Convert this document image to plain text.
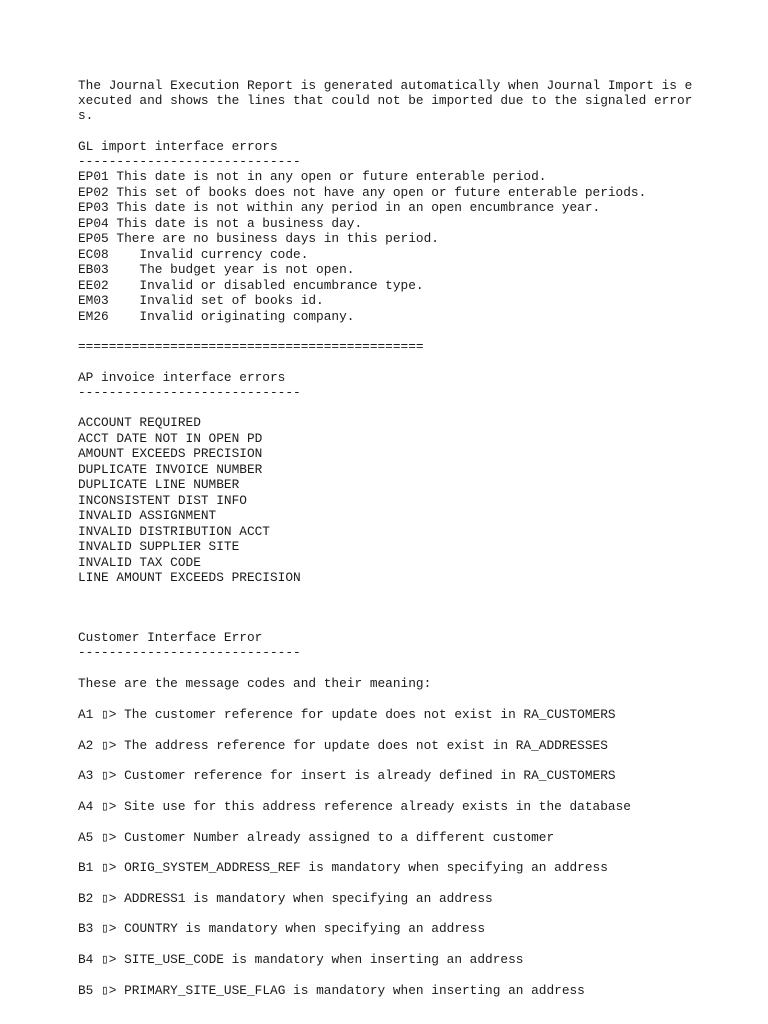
The Journal Execution Report is generated automatically when Journal Import is e
xecuted and shows the lines that could not be imported due to the signaled error
s.
GL import interface errors
-----------------------------
EP01 This date is not in any open or future enterable period.
EP02 This set of books does not have any open or future enterable periods.
EP03 This date is not within any period in an open encumbrance year.
EP04 This date is not a business day.
EP05 There are no business days in this period.
EC08    Invalid currency code.
EB03    The budget year is not open.
EE02    Invalid or disabled encumbrance type.
EM03    Invalid set of books id.
EM26    Invalid originating company.
=============================================
AP invoice interface errors
-----------------------------
ACCOUNT REQUIRED
ACCT DATE NOT IN OPEN PD
AMOUNT EXCEEDS PRECISION
DUPLICATE INVOICE NUMBER
DUPLICATE LINE NUMBER
INCONSISTENT DIST INFO
INVALID ASSIGNMENT
INVALID DISTRIBUTION ACCT
INVALID SUPPLIER SITE
INVALID TAX CODE
LINE AMOUNT EXCEEDS PRECISION
Customer Interface Error
-----------------------------
These are the message codes and their meaning:
A1 ▯> The customer reference for update does not exist in RA_CUSTOMERS
A2 ▯> The address reference for update does not exist in RA_ADDRESSES
A3 ▯> Customer reference for insert is already defined in RA_CUSTOMERS
A4 ▯> Site use for this address reference already exists in the database
A5 ▯> Customer Number already assigned to a different customer
B1 ▯> ORIG_SYSTEM_ADDRESS_REF is mandatory when specifying an address
B2 ▯> ADDRESS1 is mandatory when specifying an address
B3 ▯> COUNTRY is mandatory when specifying an address
B4 ▯> SITE_USE_CODE is mandatory when inserting an address
B5 ▯> PRIMARY_SITE_USE_FLAG is mandatory when inserting an address
